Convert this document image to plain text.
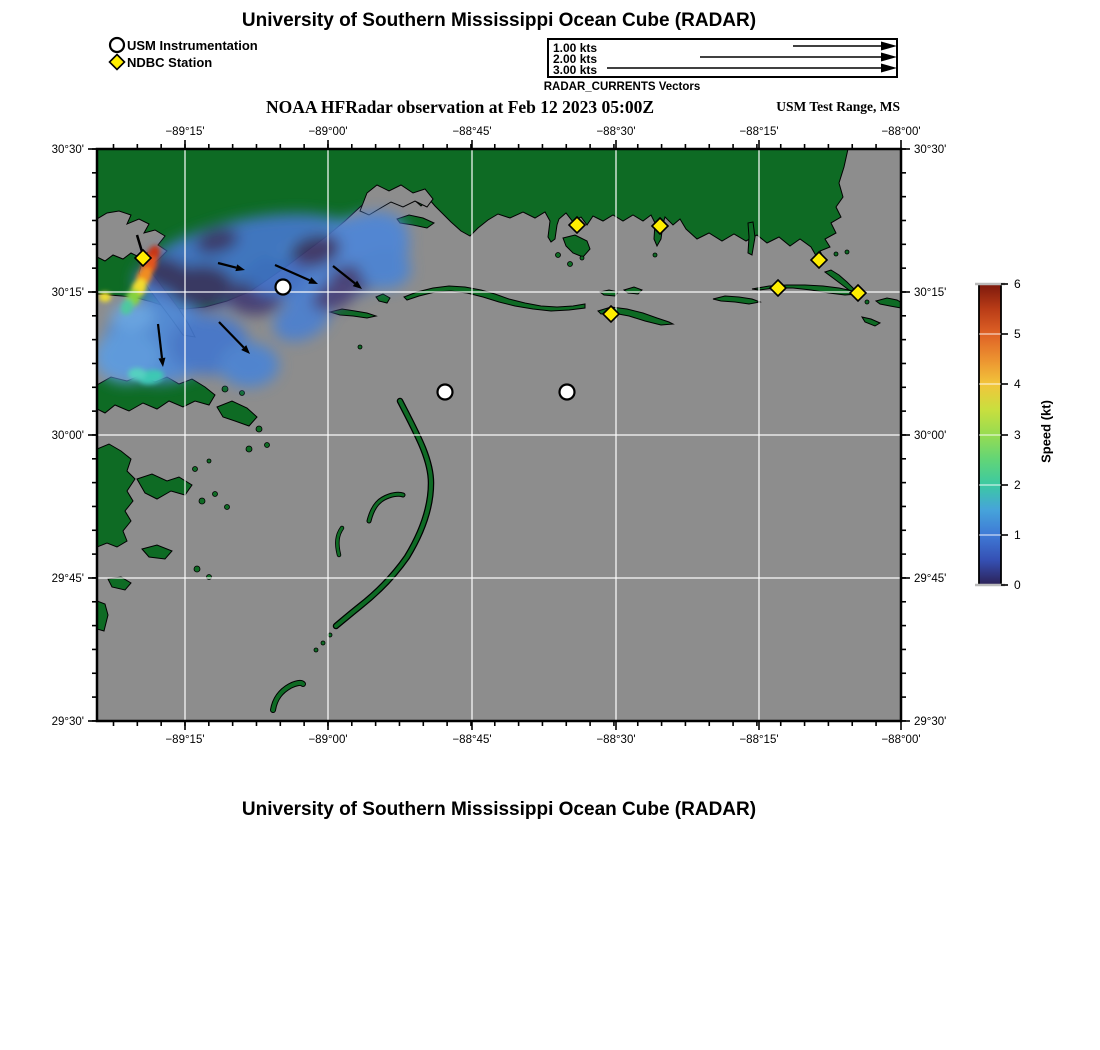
−89°15'
−89°15'
−89°00'
−89°00'
−88°45'
−88°45'
−88°30'
−88°30'
−88°15'
−88°15'
−88°00'
−88°00'
30°30'	30°30'
30°15'	30°15'
30°00'	30°00'
29°45'	29°45'
29°30'	29°30'
6
5
4
3
2
1
0
University of Southern Mississippi Ocean Cube (RADAR)
USM Instrumentation
NDBC Station
1.00 kts
2.00 kts
3.00 kts
RADAR_CURRENTS Vectors
NOAA HFRadar observation at Feb 12 2023 05:00Z	USM Test Range, MS
Speed (kt)
University of Southern Mississippi Ocean Cube (RADAR)
